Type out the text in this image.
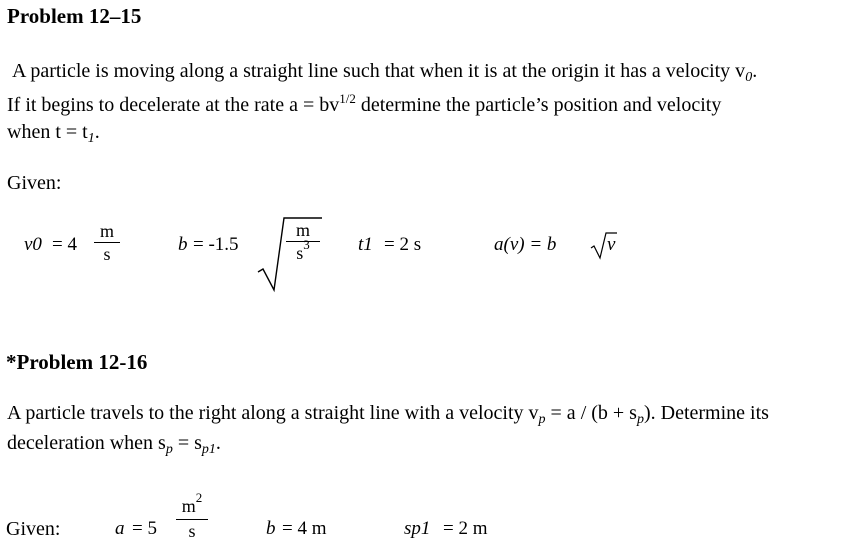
Problem 12–15
A particle is moving along a straight line such that when it is at the origin it has a velocity $v_0$.
If it begins to decelerate at the rate $a = bv^{1/2}$ determine the particle’s position and velocity
when $t = t_1$.
Given:
v0 = 4
m
s	b = -1.5
m
$s^3$	t1 = 2 s	a(v) = b	v
*Problem 12-16
A particle travels to the right along a straight line with a velocity $v_p = a / (b + s_p)$. Determine its
deceleration when $s_p = s_{p1}$.
Given:	a = 5
$m^2$
s	b = 4 m	sp1 = 2 m
